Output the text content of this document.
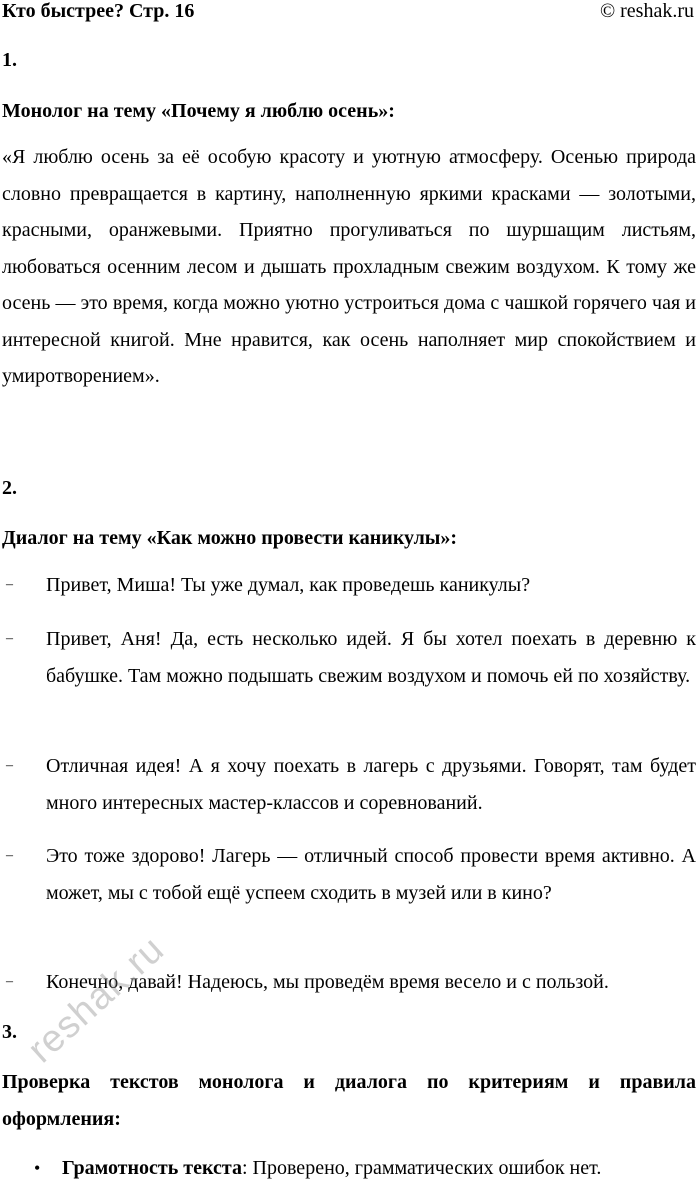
Кто быстрее? Стр. 16	© reshak.ru
1.
Монолог на тему «Почему я люблю осень»:
«Я люблю осень за её особую красоту и уютную атмосферу. Осенью природа словно превращается в картину, наполненную яркими красками — золотыми, красными, оранжевыми. Приятно прогуливаться по шуршащим листьям, любоваться осенним лесом и дышать прохладным свежим воздухом. К тому же осень — это время, когда можно уютно устроиться дома с чашкой горячего чая и интересной книгой. Мне нравится, как осень наполняет мир спокойствием и умиротворением».
2.
Диалог на тему «Как можно провести каникулы»:
– Привет, Миша! Ты уже думал, как проведешь каникулы?
– Привет, Аня! Да, есть несколько идей. Я бы хотел поехать в деревню к бабушке. Там можно подышать свежим воздухом и помочь ей по хозяйству.
– Отличная идея! А я хочу поехать в лагерь с друзьями. Говорят, там будет много интересных мастер-классов и соревнований.
– Это тоже здорово! Лагерь — отличный способ провести время активно. А может, мы с тобой ещё успеем сходить в музей или в кино?
– Конечно, давай! Надеюсь, мы проведём время весело и с пользой.
3.
Проверка текстов монолога и диалога по критериям и правила оформления:
• Грамотность текста: Проверено, грамматических ошибок нет.
reshak.ru
